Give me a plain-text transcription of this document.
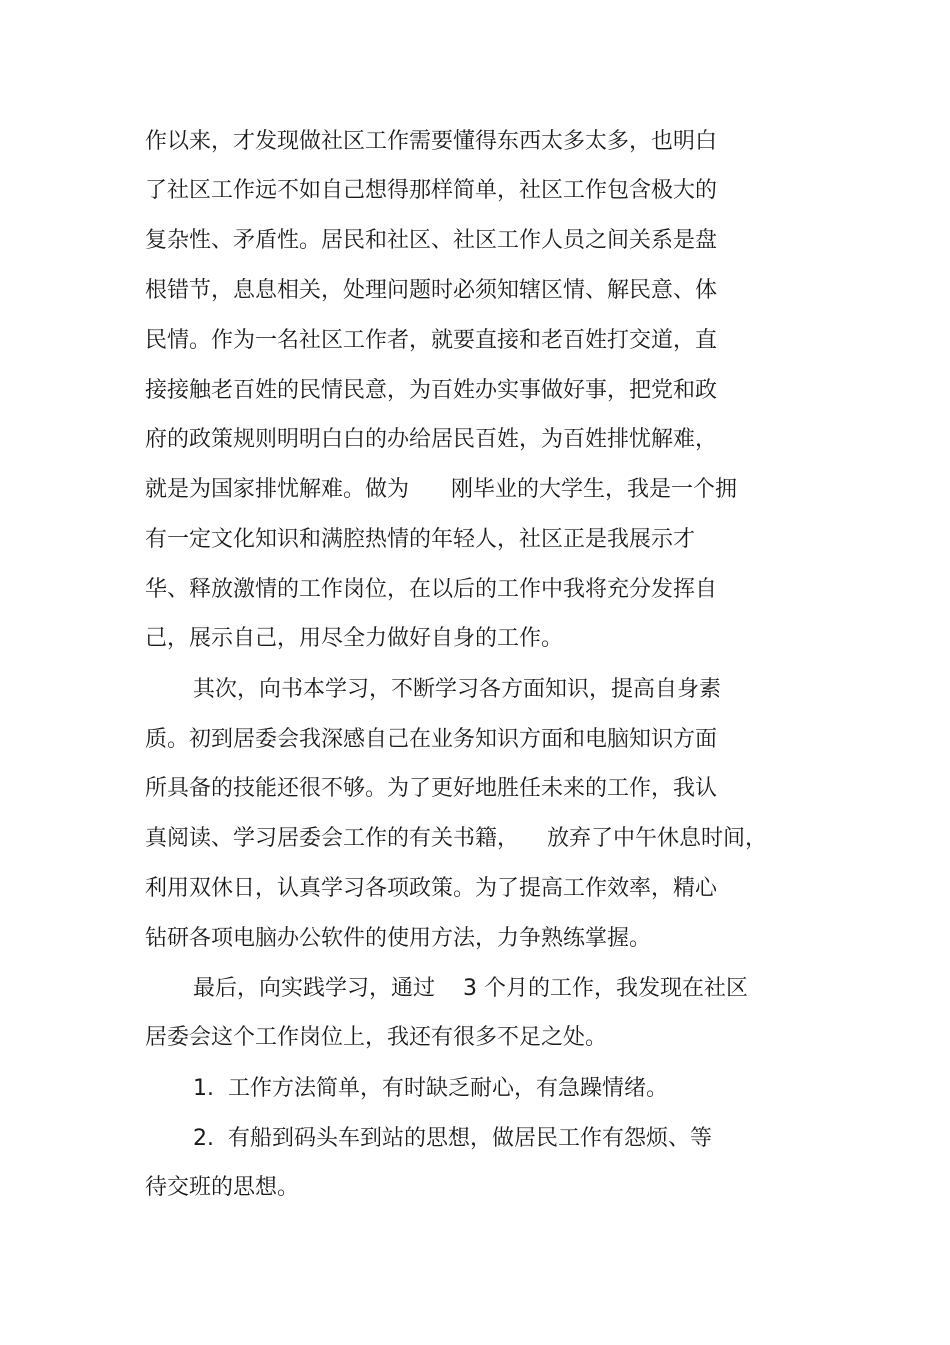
作以来，才发现做社区工作需要懂得东西太多太多，也明白
了社区工作远不如自己想得那样简单，社区工作包含极大的
复杂性、矛盾性。居民和社区、社区工作人员之间关系是盘
根错节，息息相关，处理问题时必须知辖区情、解民意、体
民情。作为一名社区工作者，就要直接和老百姓打交道，直
接接触老百姓的民情民意，为百姓办实事做好事，把党和政
府的政策规则明明白白的办给居民百姓，为百姓排忧解难，
就是为国家排忧解难。做为      刚毕业的大学生，我是一个拥
有一定文化知识和满腔热情的年轻人，社区正是我展示才
华、释放激情的工作岗位，在以后的工作中我将充分发挥自
己，展示自己，用尽全力做好自身的工作。
其次，向书本学习，不断学习各方面知识，提高自身素
质。初到居委会我深感自己在业务知识方面和电脑知识方面
所具备的技能还很不够。为了更好地胜任未来的工作，我认
真阅读、学习居委会工作的有关书籍，    放弃了中午休息时间，
利用双休日，认真学习各项政策。为了提高工作效率，精心
钻研各项电脑办公软件的使用方法，力争熟练掌握。
最后，向实践学习，通过    3 个月的工作，我发现在社区
居委会这个工作岗位上，我还有很多不足之处。
1.  工作方法简单，有时缺乏耐心，有急躁情绪。
2.  有船到码头车到站的思想，做居民工作有怨烦、等
待交班的思想。
